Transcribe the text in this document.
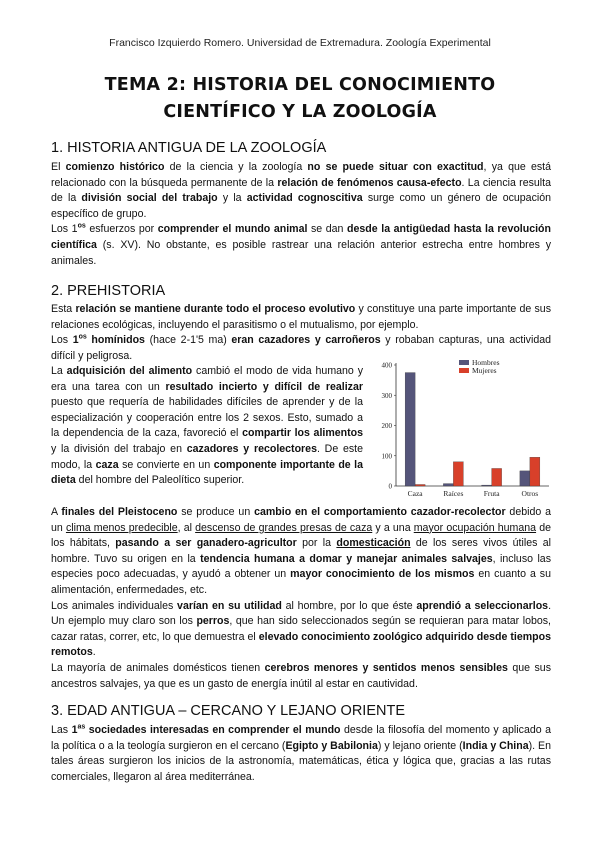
Francisco Izquierdo Romero. Universidad de Extremadura. Zoología Experimental
TEMA 2: HISTORIA DEL CONOCIMIENTO
CIENTÍFICO Y LA ZOOLOGÍA
1. HISTORIA ANTIGUA DE LA ZOOLOGÍA
El comienzo histórico de la ciencia y la zoología no se puede situar con exactitud, ya que está relacionado con la búsqueda permanente de la relación de fenómenos causa-efecto. La ciencia resulta de la división social del trabajo y la actividad cognoscitiva surge como un género de ocupación específico de grupo.
Los $1^{os}$ esfuerzos por comprender el mundo animal se dan desde la antigüedad hasta la revolución científica (s. XV). No obstante, es posible rastrear una relación anterior estrecha entre hombres y animales.
2. PREHISTORIA
Esta relación se mantiene durante todo el proceso evolutivo y constituye una parte importante de sus relaciones ecológicas, incluyendo el parasitismo o el mutualismo, por ejemplo.
Los $1^{os}$ homínidos (hace 2-1'5 ma) eran cazadores y carroñeros y robaban capturas, una actividad difícil y peligrosa.
La adquisición del alimento cambió el modo de vida humano y era una tarea con un resultado incierto y difícil de realizar puesto que requería de habilidades difíciles de aprender y de la especialización y cooperación entre los 2 sexos. Esto, sumado a la dependencia de la caza, favoreció el compartir los alimentos y la división del trabajo en cazadores y recolectores. De este modo, la caza se convierte en un componente importante de la dieta del hombre del Paleolítico superior.
0
100
200
300
400
Caza	Raíces	Fruta	Otros
Hombres
Mujeres
A finales del Pleistoceno se produce un cambio en el comportamiento cazador-recolector debido a un clima menos predecible, al descenso de grandes presas de caza y a una mayor ocupación humana de los hábitats, pasando a ser ganadero-agricultor por la domesticación de los seres vivos útiles al hombre. Tuvo su origen en la tendencia humana a domar y manejar animales salvajes, incluso las especies poco adecuadas, y ayudó a obtener un mayor conocimiento de los mismos en cuanto a su alimentación, enfermedades, etc.
Los animales individuales varían en su utilidad al hombre, por lo que éste aprendió a seleccionarlos. Un ejemplo muy claro son los perros, que han sido seleccionados según se requieran para matar lobos, cazar ratas, correr, etc, lo que demuestra el elevado conocimiento zoológico adquirido desde tiempos remotos.
La mayoría de animales domésticos tienen cerebros menores y sentidos menos sensibles que sus ancestros salvajes, ya que es un gasto de energía inútil al estar en cautividad.
3. EDAD ANTIGUA – CERCANO Y LEJANO ORIENTE
Las $1^{as}$ sociedades interesadas en comprender el mundo desde la filosofía del momento y aplicado a la política o a la teología surgieron en el cercano (Egipto y Babilonia) y lejano oriente (India y China). En tales áreas surgieron los inicios de la astronomía, matemáticas, ética y lógica que, gracias a las rutas comerciales, llegaron al área mediterránea.
